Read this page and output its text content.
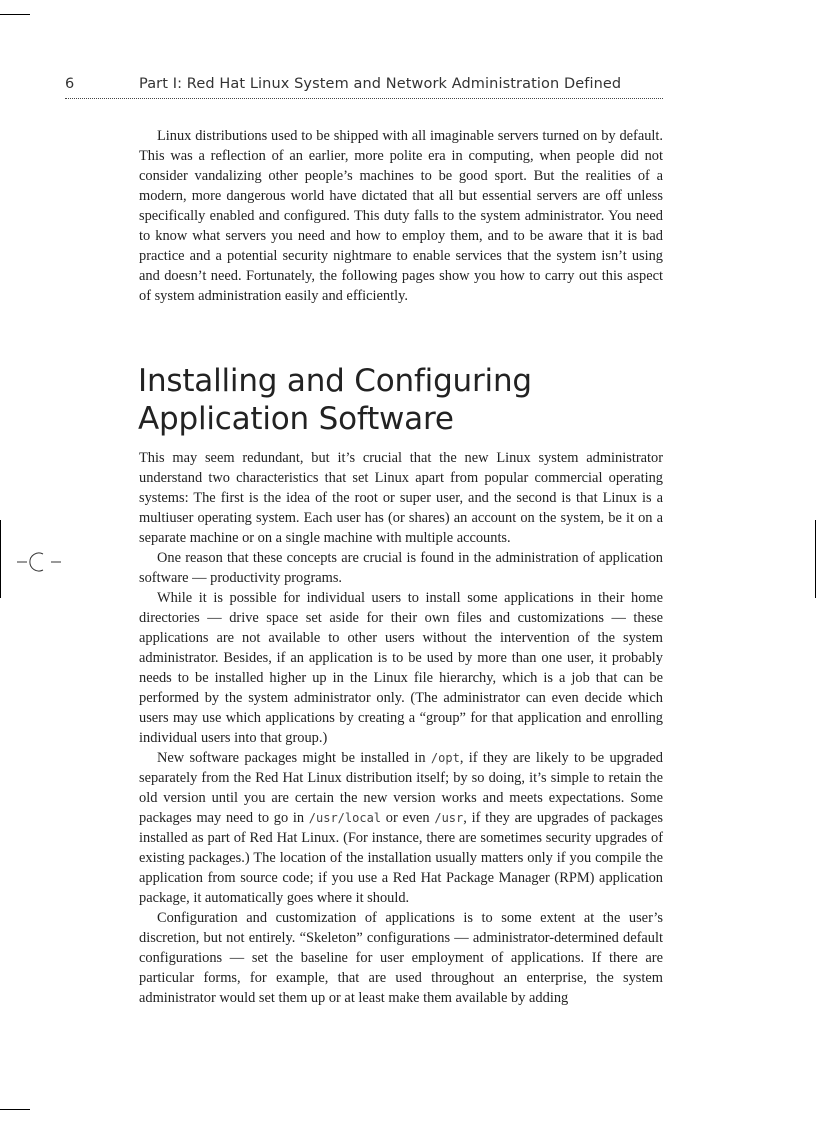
6	Part I: Red Hat Linux System and Network Administration Defined

Linux distributions used to be shipped with all imaginable servers turned on by default. This was a reflection of an earlier, more polite era in computing, when people did not consider vandalizing other people’s machines to be good sport. But the realities of a modern, more dangerous world have dictated that all but essential servers are off unless specifically enabled and configured. This duty falls to the system administrator. You need to know what servers you need and how to employ them, and to be aware that it is bad practice and a potential security nightmare to enable services that the system isn’t using and doesn’t need. Fortunately, the following pages show you how to carry out this aspect of system administration easily and efficiently.

Installing and Configuring
Application Software

This may seem redundant, but it’s crucial that the new Linux system administrator understand two characteristics that set Linux apart from popular commercial operating systems: The first is the idea of the root or super user, and the second is that Linux is a multiuser operating system. Each user has (or shares) an account on the system, be it on a separate machine or on a single machine with multiple accounts.

One reason that these concepts are crucial is found in the administration of application software — productivity programs.

While it is possible for individual users to install some applications in their home directories — drive space set aside for their own files and customizations — these applications are not available to other users without the intervention of the system administrator. Besides, if an application is to be used by more than one user, it probably needs to be installed higher up in the Linux file hierarchy, which is a job that can be performed by the system administrator only. (The administrator can even decide which users may use which applications by creating a “group” for that application and enrolling individual users into that group.)

New software packages might be installed in /opt, if they are likely to be upgraded separately from the Red Hat Linux distribution itself; by so doing, it’s simple to retain the old version until you are certain the new version works and meets expectations. Some packages may need to go in /usr/local or even /usr, if they are upgrades of packages installed as part of Red Hat Linux. (For instance, there are sometimes security upgrades of existing packages.) The location of the installation usually matters only if you compile the application from source code; if you use a Red Hat Package Manager (RPM) application package, it automatically goes where it should.

Configuration and customization of applications is to some extent at the user’s discretion, but not entirely. “Skeleton” configurations — administrator-determined default configurations — set the baseline for user employment of applications. If there are particular forms, for example, that are used throughout an enterprise, the system administrator would set them up or at least make them available by adding
